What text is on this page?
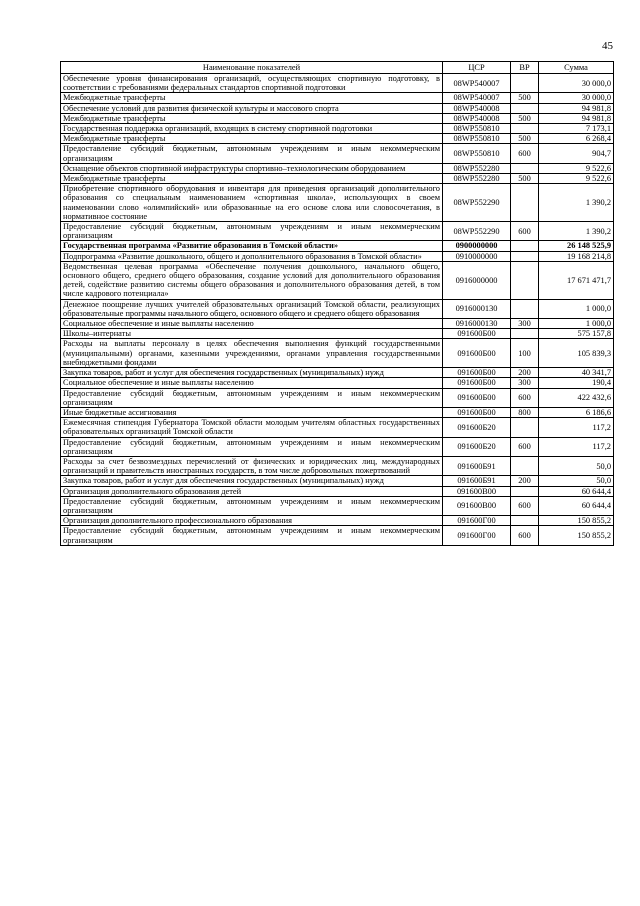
45
Наименование показателей	ЦСР	ВР	Сумма
Обеспечение уровня финансирования организаций, осуществляющих спортивную подготовку, в соответствии с требованиями федеральных стандартов спортивной подготовки	08WP540007		30 000,0
Межбюджетные трансферты	08WP540007	500	30 000,0
Обеспечение условий для развития физической культуры и массового спорта	08WP540008		94 981,8
Межбюджетные трансферты	08WP540008	500	94 981,8
Государственная поддержка организаций, входящих в систему спортивной подготовки	08WP550810		7 173,1
Межбюджетные трансферты	08WP550810	500	6 268,4
Предоставление субсидий бюджетным, автономным учреждениям и иным некоммерческим организациям	08WP550810	600	904,7
Оснащение объектов спортивной инфраструктуры спортивно–технологическим оборудованием	08WP552280		9 522,6
Межбюджетные трансферты	08WP552280	500	9 522,6
Приобретение спортивного оборудования и инвентаря для приведения организаций дополнительного образования со специальным наименованием «спортивная школа», использующих в своем наименовании слово «олимпийский» или образованные на его основе слова или словосочетания, в нормативное состояние	08WP552290		1 390,2
Предоставление субсидий бюджетным, автономным учреждениям и иным некоммерческим организациям	08WP552290	600	1 390,2
Государственная программа «Развитие образования в Томской области»	0900000000		26 148 525,9
Подпрограмма «Развитие дошкольного, общего и дополнительного образования в Томской области»	0910000000		19 168 214,8
Ведомственная целевая программа «Обеспечение получения дошкольного, начального общего, основного общего, среднего общего образования, создание условий для дополнительного образования детей, содействие развитию системы общего образования и дополнительного образования детей, в том числе кадрового потенциала»	0916000000		17 671 471,7
Денежное поощрение лучших учителей образовательных организаций Томской области, реализующих образовательные программы начального общего, основного общего и среднего общего образования	0916000130		1 000,0
Социальное обеспечение и иные выплаты населению	0916000130	300	1 000,0
Школы–интернаты	091600Б00		575 157,8
Расходы на выплаты персоналу в целях обеспечения выполнения функций государственными (муниципальными) органами, казенными учреждениями, органами управления государственными внебюджетными фондами	091600Б00	100	105 839,3
Закупка товаров, работ и услуг для обеспечения государственных (муниципальных) нужд	091600Б00	200	40 341,7
Социальное обеспечение и иные выплаты населению	091600Б00	300	190,4
Предоставление субсидий бюджетным, автономным учреждениям и иным некоммерческим организациям	091600Б00	600	422 432,6
Иные бюджетные ассигнования	091600Б00	800	6 186,6
Ежемесячная стипендия Губернатора Томской области молодым учителям областных государственных образовательных организаций Томской области	091600Б20		117,2
Предоставление субсидий бюджетным, автономным учреждениям и иным некоммерческим организациям	091600Б20	600	117,2
Расходы за счет безвозмездных перечислений от физических и юридических лиц, международных организаций и правительств иностранных государств, в том числе добровольных пожертвований	091600Б91		50,0
Закупка товаров, работ и услуг для обеспечения государственных (муниципальных) нужд	091600Б91	200	50,0
Организация дополнительного образования детей	091600В00		60 644,4
Предоставление субсидий бюджетным, автономным учреждениям и иным некоммерческим организациям	091600В00	600	60 644,4
Организация дополнительного профессионального образования	091600Г00		150 855,2
Предоставление субсидий бюджетным, автономным учреждениям и иным некоммерческим организациям	091600Г00	600	150 855,2
